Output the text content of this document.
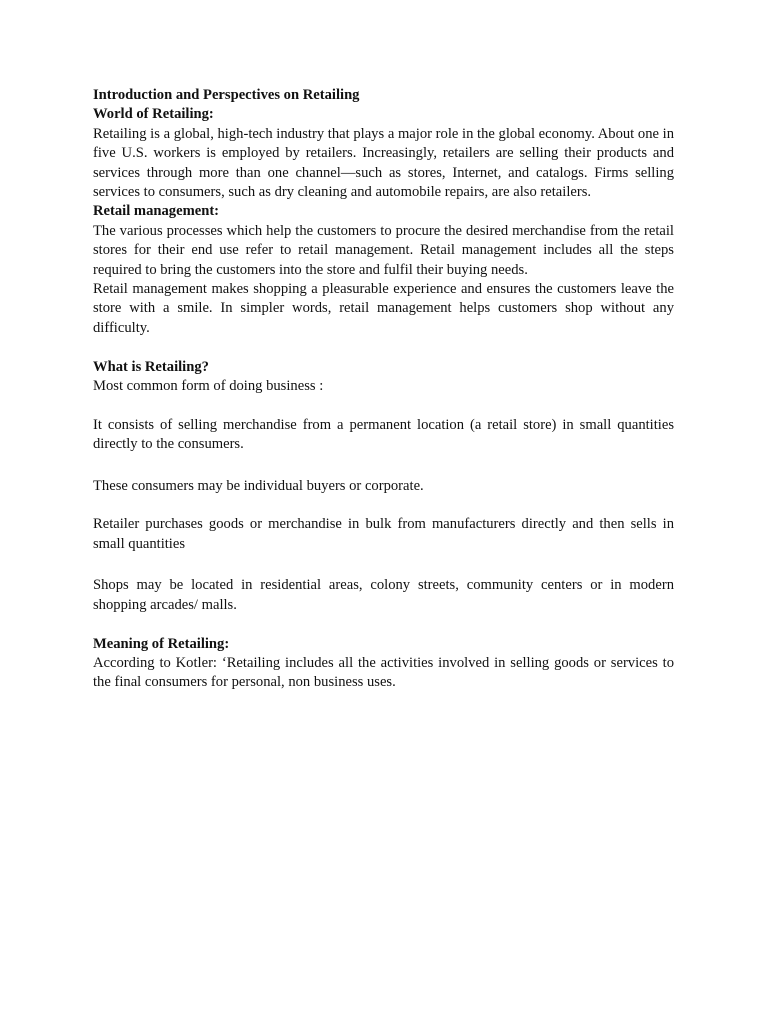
Introduction and Perspectives on Retailing

World of Retailing:

Retailing is a global, high-tech industry that plays a major role in the global economy. About one in five U.S. workers is employed by retailers. Increasingly, retailers are selling their products and services through more than one channel—such as stores, Internet, and catalogs. Firms selling services to consumers, such as dry cleaning and automobile repairs, are also retailers.

Retail management:

The various processes which help the customers to procure the desired merchandise from the retail stores for their end use refer to retail management. Retail management includes all the steps required to bring the customers into the store and fulfil their buying needs.

Retail management makes shopping a pleasurable experience and ensures the customers leave the store with a smile. In simpler words, retail management helps customers shop without any difficulty.

What is Retailing?

Most common form of doing business :

It consists of selling merchandise from a permanent location (a retail store) in small quantities directly to the consumers.

These consumers may be individual buyers or corporate.

Retailer purchases goods or merchandise in bulk from manufacturers directly and then sells in small quantities

Shops may be located in residential areas, colony streets, community centers or in modern shopping arcades/ malls.

Meaning of Retailing:

According to Kotler: ‘Retailing includes all the activities involved in selling goods or services to the final consumers for personal, non business uses.
